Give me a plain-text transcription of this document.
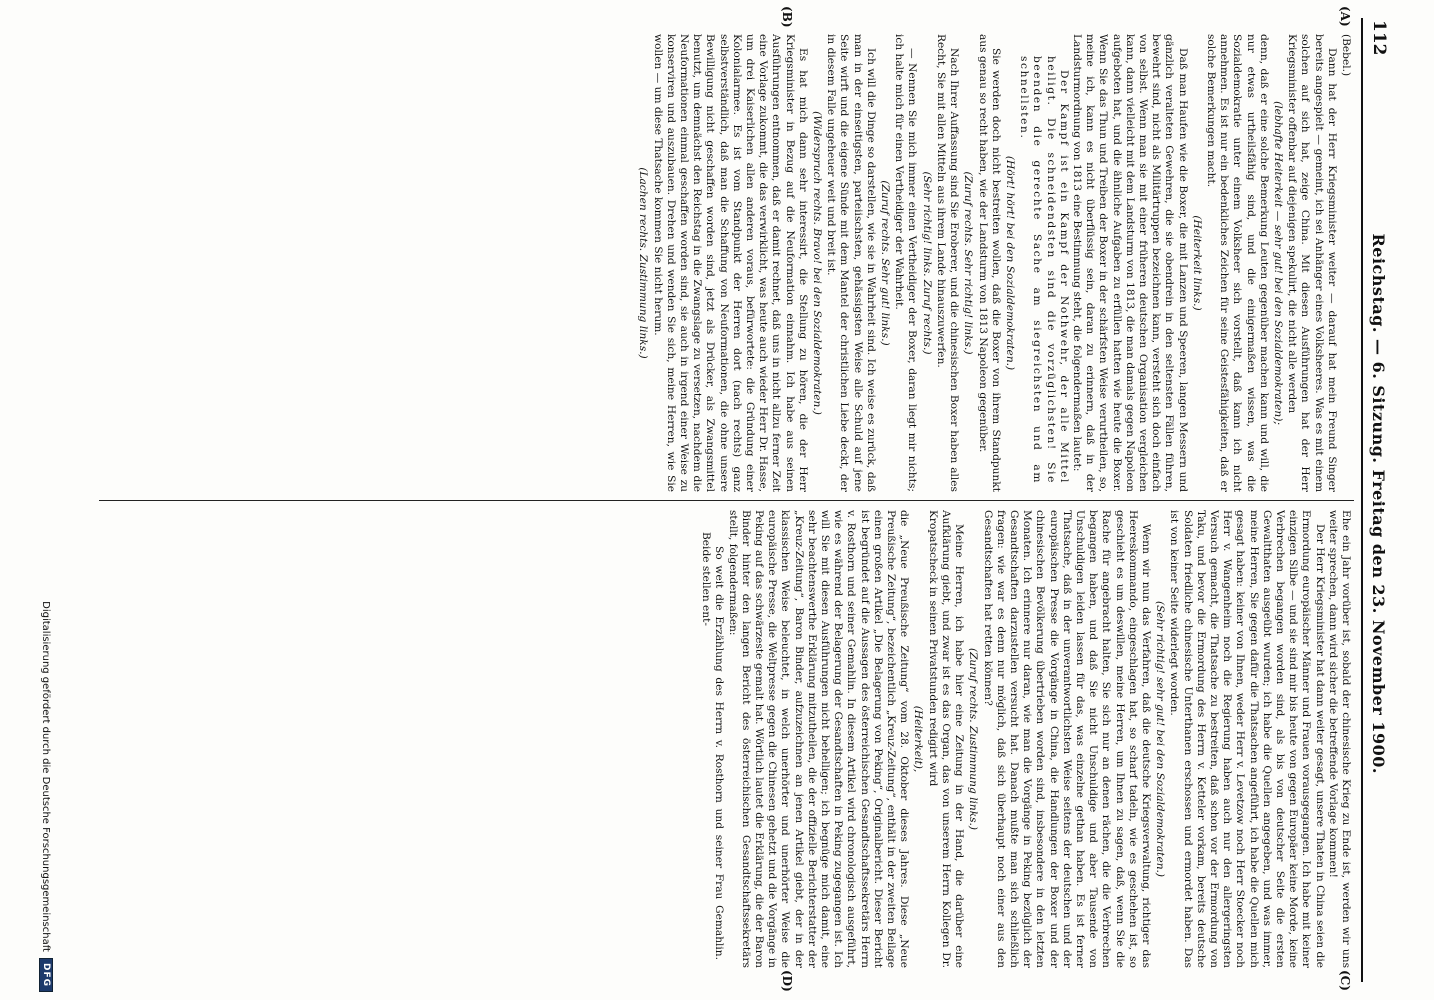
112
Reichstag. — 6. Sitzung. Freitag den 23. November 1900.
(A)
(B)
(C)
(D)

(Bebel.)

Dann hat der Herr Kriegsminister weiter — darauf hat mein Freund Singer bereits angespielt — gemeint, ich sei Anhänger eines Volksheeres. Was es mit einem solchen auf sich hat, zeige China. Mit diesen Ausführungen hat der Herr Kriegsminister offenbar auf diejenigen spekulirt, die nicht alle werden

(lebhafte Heiterkeit — sehr gut! bei den Sozialdemokraten);

denn, daß er eine solche Bemerkung Leuten gegenüber machen kann und will, die nur etwas urtheilsfähig sind, und die einigermaßen wissen, was die Sozialdemokratie unter einem Volksheer sich vorstellt, daß kann ich nicht annehmen. Es ist nur ein bedenkliches Zeichen für seine Geistesfähigkeiten, daß er solche Bemerkungen macht.

(Heiterkeit links.)

Daß man Haufen wie die Boxer, die mit Lanzen und Speeren, langen Messern und gänzlich veralteten Gewehren, die sie obendrein in den seltensten Fällen führen, bewehrt sind, nicht als Militärtruppen bezeichnen kann, versteht sich doch einfach von selbst. Wenn man sie mit einer früheren deutschen Organisation vergleichen kann, dann vielleicht mit dem Landsturm von 1813, die man damals gegen Napoleon aufgeboten hat, und die ähnliche Aufgaben zu erfüllen hatten wie heute die Boxer. Wenn Sie das Thun und Treiben der Boxer in der schärfsten Weise verurtheilen, so, meine ich, kann es nicht überflüssig sein, daran zu erinnern, daß in der Landsturmordnung von 1813 eine Bestimmung steht, die folgendermaßen lautet:

Der Kampf ist ein Kampf der Nothwehr, der alle Mittel heiligt. Die schneidendsten sind die vorzüglichsten! Sie beenden die gerechte Sache am siegreichsten und am schnellsten.

(Hört! hört! bei den Sozialdemokraten.)

Sie werden doch nicht bestreiten wollen, daß die Boxer von ihrem Standpunkt aus genau so recht haben, wie der Landsturm von 1813 Napoleon gegenüber.

(Zuruf rechts. Sehr richtig! links.)

Nach Ihrer Auffassung sind Sie Eroberer, und die chinesischen Boxer haben alles Recht, Sie mit allen Mitteln aus ihrem Lande hinauszuwerfen.

(Sehr richtig! links. Zuruf rechts.)

— Nennen Sie mich immer einen Vertheidiger der Boxer, daran liegt mir nichts; ich halte mich für einen Vertheidiger der Wahrheit.

(Zuruf rechts. Sehr gut! links.)

Ich will die Dinge so darstellen, wie sie in Wahrheit sind. Ich weise es zurück, daß man in der einseitigsten, parteiischsten, gehässigsten Weise alle Schuld auf jene Seite wirft und die eigene Sünde mit dem Mantel der christlichen Liebe deckt, der in diesem Falle ungeheuer weit und breit ist.

(Widerspruch rechts. Bravo! bei den Sozialdemokraten.)

Es hat mich dann sehr interessirt, die Stellung zu hören, die der Herr Kriegsminister in Bezug auf die Neuformation einnahm. Ich habe aus seinen Ausführungen entnommen, daß er damit rechnet, daß uns in nicht allzu ferner Zeit eine Vorlage zukommt, die das verwirklicht, was heute auch wieder Herr Dr. Hasse, um drei Kaiserlichen allen anderen voraus, befürwortete: die Gründung einer Kolonialarmee. Es ist vom Standpunkt der Herren dort (nach rechts) ganz selbstverständlich, daß man die Schaffung von Neuformationen, die ohne unsere Bewilligung nicht geschaffen worden sind, jetzt als Drücker, als Zwangsmittel benutzt, um demnächst den Reichstag in die Zwangslage zu versetzen, nachdem die Neuformationen einmal geschaffen worden sind, sie auch in irgend einer Weise zu konserviren und auszubauen. Drehen und wenden Sie sich, meine Herren, wie Sie wollen — um diese Thatsache kommen Sie nicht herum.

(Lachen rechts. Zustimmung links.)

Ehe ein Jahr vorüber ist, sobald der chinesische Krieg zu Ende ist, werden wir uns weiter sprechen, dann wird sicher die betreffende Vorlage kommen!

Der Herr Kriegsminister hat dann weiter gesagt, unsere Thaten in China seien die Ermordung europäischer Männer und Frauen vorausgegangen. Ich habe mit keiner einzigen Silbe — und sie sind mir bis heute von gegen Europäer keine Morde, keine Verbrechen begangen worden sind, als bis von deutscher Seite die ersten Gewaltthaten ausgeübt wurden; ich habe die Quellen angegeben, und was immer, meine Herren, Sie gegen dafür die Thatsachen angeführt, ich habe die Quellen mich gesagt haben: keiner von Ihnen, weder Herr v. Levetzow noch Herr Stoecker noch Herr v. Wangenheim noch die Regierung haben auch nur den allergeringsten Versuch gemacht, die Thatsache zu bestreiten, daß schon vor der Ermordung von Taku, und bevor die Ermordung des Herrn v. Ketteler vorkam, bereits deutsche Soldaten friedliche chinesische Unterthanen erschossen und ermordet haben. Das ist von keiner Seite widerlegt worden.

(Sehr richtig! sehr gut! bei den Sozialdemokraten.)

Wenn wir nun das Verfahren, daß die deutsche Kriegsverwaltung, richtiger das Heereskommando, eingeschlagen hat, so scharf tadeln, wie es geschehen ist, so geschieht es um deswillen, meine Herren, um Ihnen zu sagen, daß, wenn Sie die Rache für angebracht halten, Sie sich nur an denen rächen, die die Verbrechen begangen haben, und daß Sie nicht Unschuldige und aber Tausende von Unschuldigen leiden lassen für das, was einzelne gethan haben. Es ist ferner Thatsache, daß in der unverantwortlichsten Weise seitens der deutschen und der europäischen Presse die Vorgänge in China, die Handlungen der Boxer und der chinesischen Bevölkerung übertrieben worden sind, insbesondere in den letzten Monaten. Ich erinnere nur daran, wie man die Vorgänge in Peking bezüglich der Gesandtschaften darzustellen versucht hat. Danach mußte man sich schließlich fragen: wie war es denn nur möglich, daß sich überhaupt noch einer aus den Gesandtschaften hat retten können?

(Zuruf rechts. Zustimmung links.)

Meine Herren, ich habe hier eine Zeitung in der Hand, die darüber eine Aufklärung giebt, und zwar ist es das Organ, das von unserem Herrn Kollegen Dr. Kropatscheck in seinen Privatstunden redigirt wird

(Heiterkeit),

die „Neue Preußische Zeitung“ vom 28. Oktober dieses Jahres. Diese „Neue Preußische Zeitung“, bezeichentlich „Kreuz-Zeitung“, enthält in der zweiten Beilage einen großen Artikel „Die Belagerung von Peking“, Originalbericht. Dieser Bericht ist begründet auf die Aussagen des österreichischen Gesandtschaftssekretärs Herrn v. Rosthorn und seiner Gemahlin. In diesem Artikel wird chronologisch ausgeführt, wie es während der Belagerung der Gesandtschaften in Peking zugegangen ist. Ich will Sie mit diesen Ausführungen nicht behelligen; ich begnüge mich damit, eine sehr beachtenswerthe Erklärung mitzutheilen, die der offizielle Berichterstatter der „Kreuz-Zeitung“, Baron Binder, aufzuzeichnen an jenen Artikel giebt, der in der klassischen Weise beleuchtet, in welch unerhörter und unerhörter Weise die europäische Presse, die Weltpresse gegen die Chinesen gehetzt und die Vorgänge in Peking auf das schwärzeste gemalt hat. Wörtlich lautet die Erklärung, die der Baron Binder hinter den langen Bericht des österreichischen Gesandtschaftssekretärs stellt, folgendermaßen:

So weit die Erzählung des Herrn v. Rosthorn und seiner Frau Gemahlin. Beide stellen ent-

Digitalisierung gefördert durch die Deutsche Forschungsgemeinschaft
DFG
